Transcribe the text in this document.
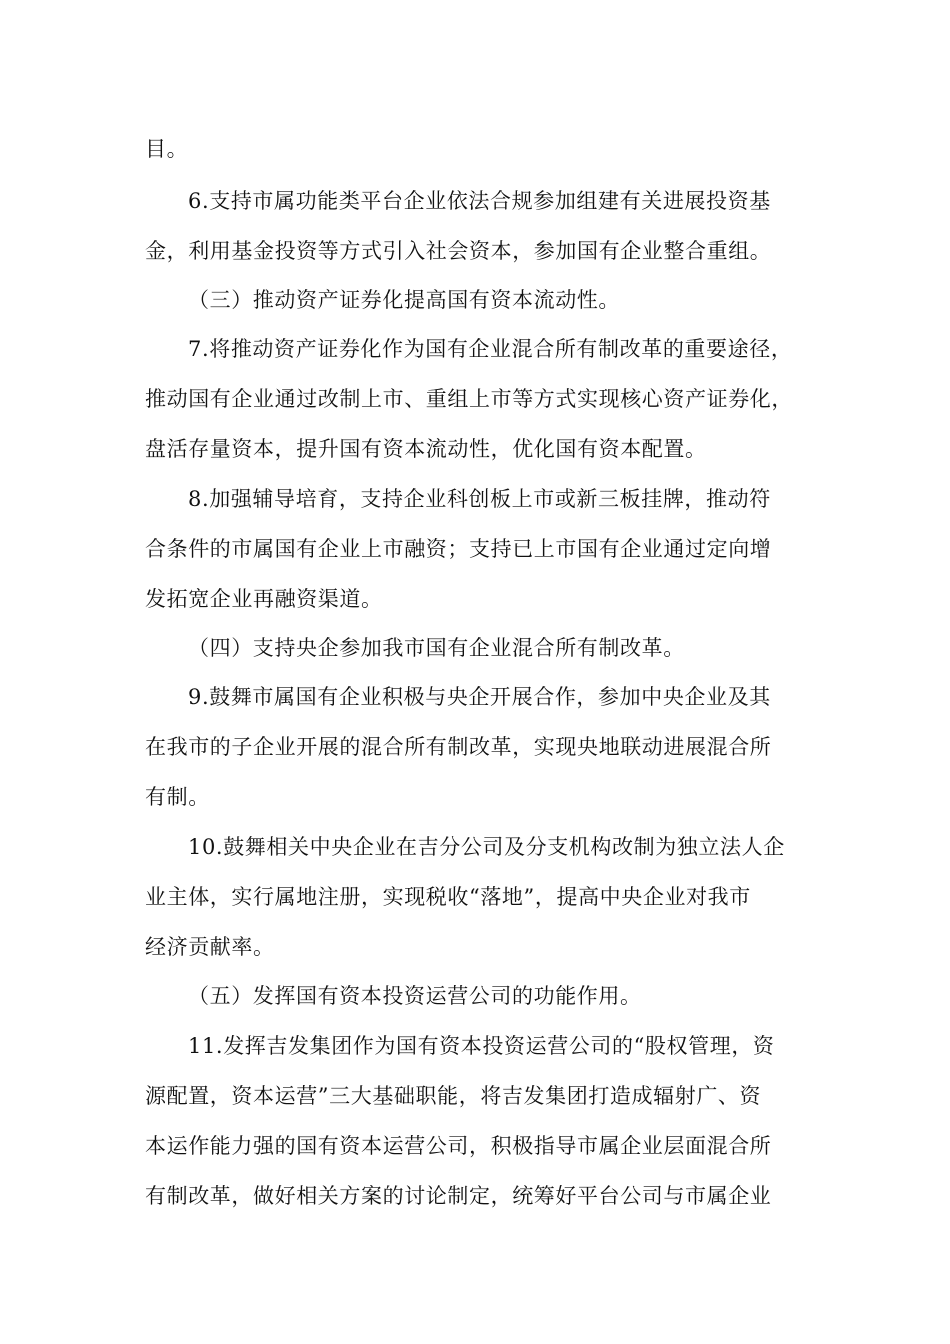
目。
6.支持市属功能类平台企业依法合规参加组建有关进展投资基
金，利用基金投资等方式引入社会资本，参加国有企业整合重组。
（三）推动资产证券化提高国有资本流动性。
7.将推动资产证券化作为国有企业混合所有制改革的重要途径，
推动国有企业通过改制上市、重组上市等方式实现核心资产证券化，
盘活存量资本，提升国有资本流动性，优化国有资本配置。
8.加强辅导培育，支持企业科创板上市或新三板挂牌，推动符
合条件的市属国有企业上市融资；支持已上市国有企业通过定向增
发拓宽企业再融资渠道。
（四）支持央企参加我市国有企业混合所有制改革。
9.鼓舞市属国有企业积极与央企开展合作，参加中央企业及其
在我市的子企业开展的混合所有制改革，实现央地联动进展混合所
有制。
10.鼓舞相关中央企业在吉分公司及分支机构改制为独立法人企
业主体，实行属地注册，实现税收“落地”，提高中央企业对我市
经济贡献率。
（五）发挥国有资本投资运营公司的功能作用。
11.发挥吉发集团作为国有资本投资运营公司的“股权管理，资
源配置，资本运营”三大基础职能，将吉发集团打造成辐射广、资
本运作能力强的国有资本运营公司，积极指导市属企业层面混合所
有制改革，做好相关方案的讨论制定，统筹好平台公司与市属企业
